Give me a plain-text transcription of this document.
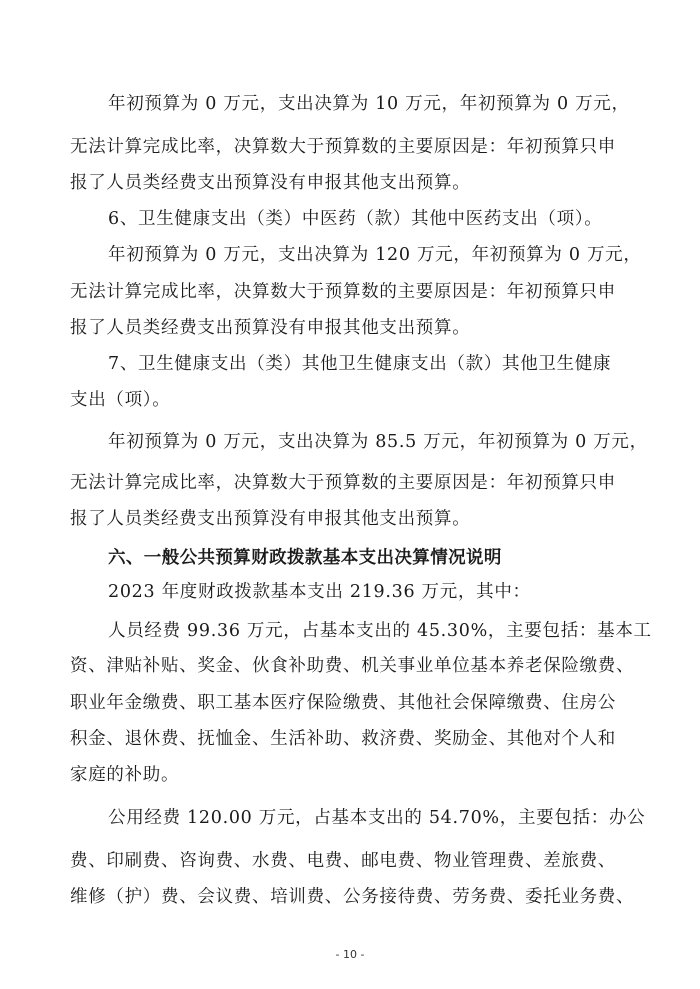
年初预算为 0 万元，支出决算为 10 万元，年初预算为 0 万元，
无法计算完成比率，决算数大于预算数的主要原因是：年初预算只申
报了人员类经费支出预算没有申报其他支出预算。
6、卫生健康支出（类）中医药（款）其他中医药支出（项）。
年初预算为 0 万元，支出决算为 120 万元，年初预算为 0 万元，
无法计算完成比率，决算数大于预算数的主要原因是：年初预算只申
报了人员类经费支出预算没有申报其他支出预算。
7、卫生健康支出（类）其他卫生健康支出（款）其他卫生健康
支出（项）。
年初预算为 0 万元，支出决算为 85.5 万元，年初预算为 0 万元，
无法计算完成比率，决算数大于预算数的主要原因是：年初预算只申
报了人员类经费支出预算没有申报其他支出预算。
六、一般公共预算财政拨款基本支出决算情况说明
2023 年度财政拨款基本支出 219.36 万元，其中：
人员经费 99.36 万元，占基本支出的 45.30%，主要包括：基本工
资、津贴补贴、奖金、伙食补助费、机关事业单位基本养老保险缴费、
职业年金缴费、职工基本医疗保险缴费、其他社会保障缴费、住房公
积金、退休费、抚恤金、生活补助、救济费、奖励金、其他对个人和
家庭的补助。
公用经费 120.00 万元，占基本支出的 54.70%，主要包括：办公
费、印刷费、咨询费、水费、电费、邮电费、物业管理费、差旅费、
维修（护）费、会议费、培训费、公务接待费、劳务费、委托业务费、
- 10 -
